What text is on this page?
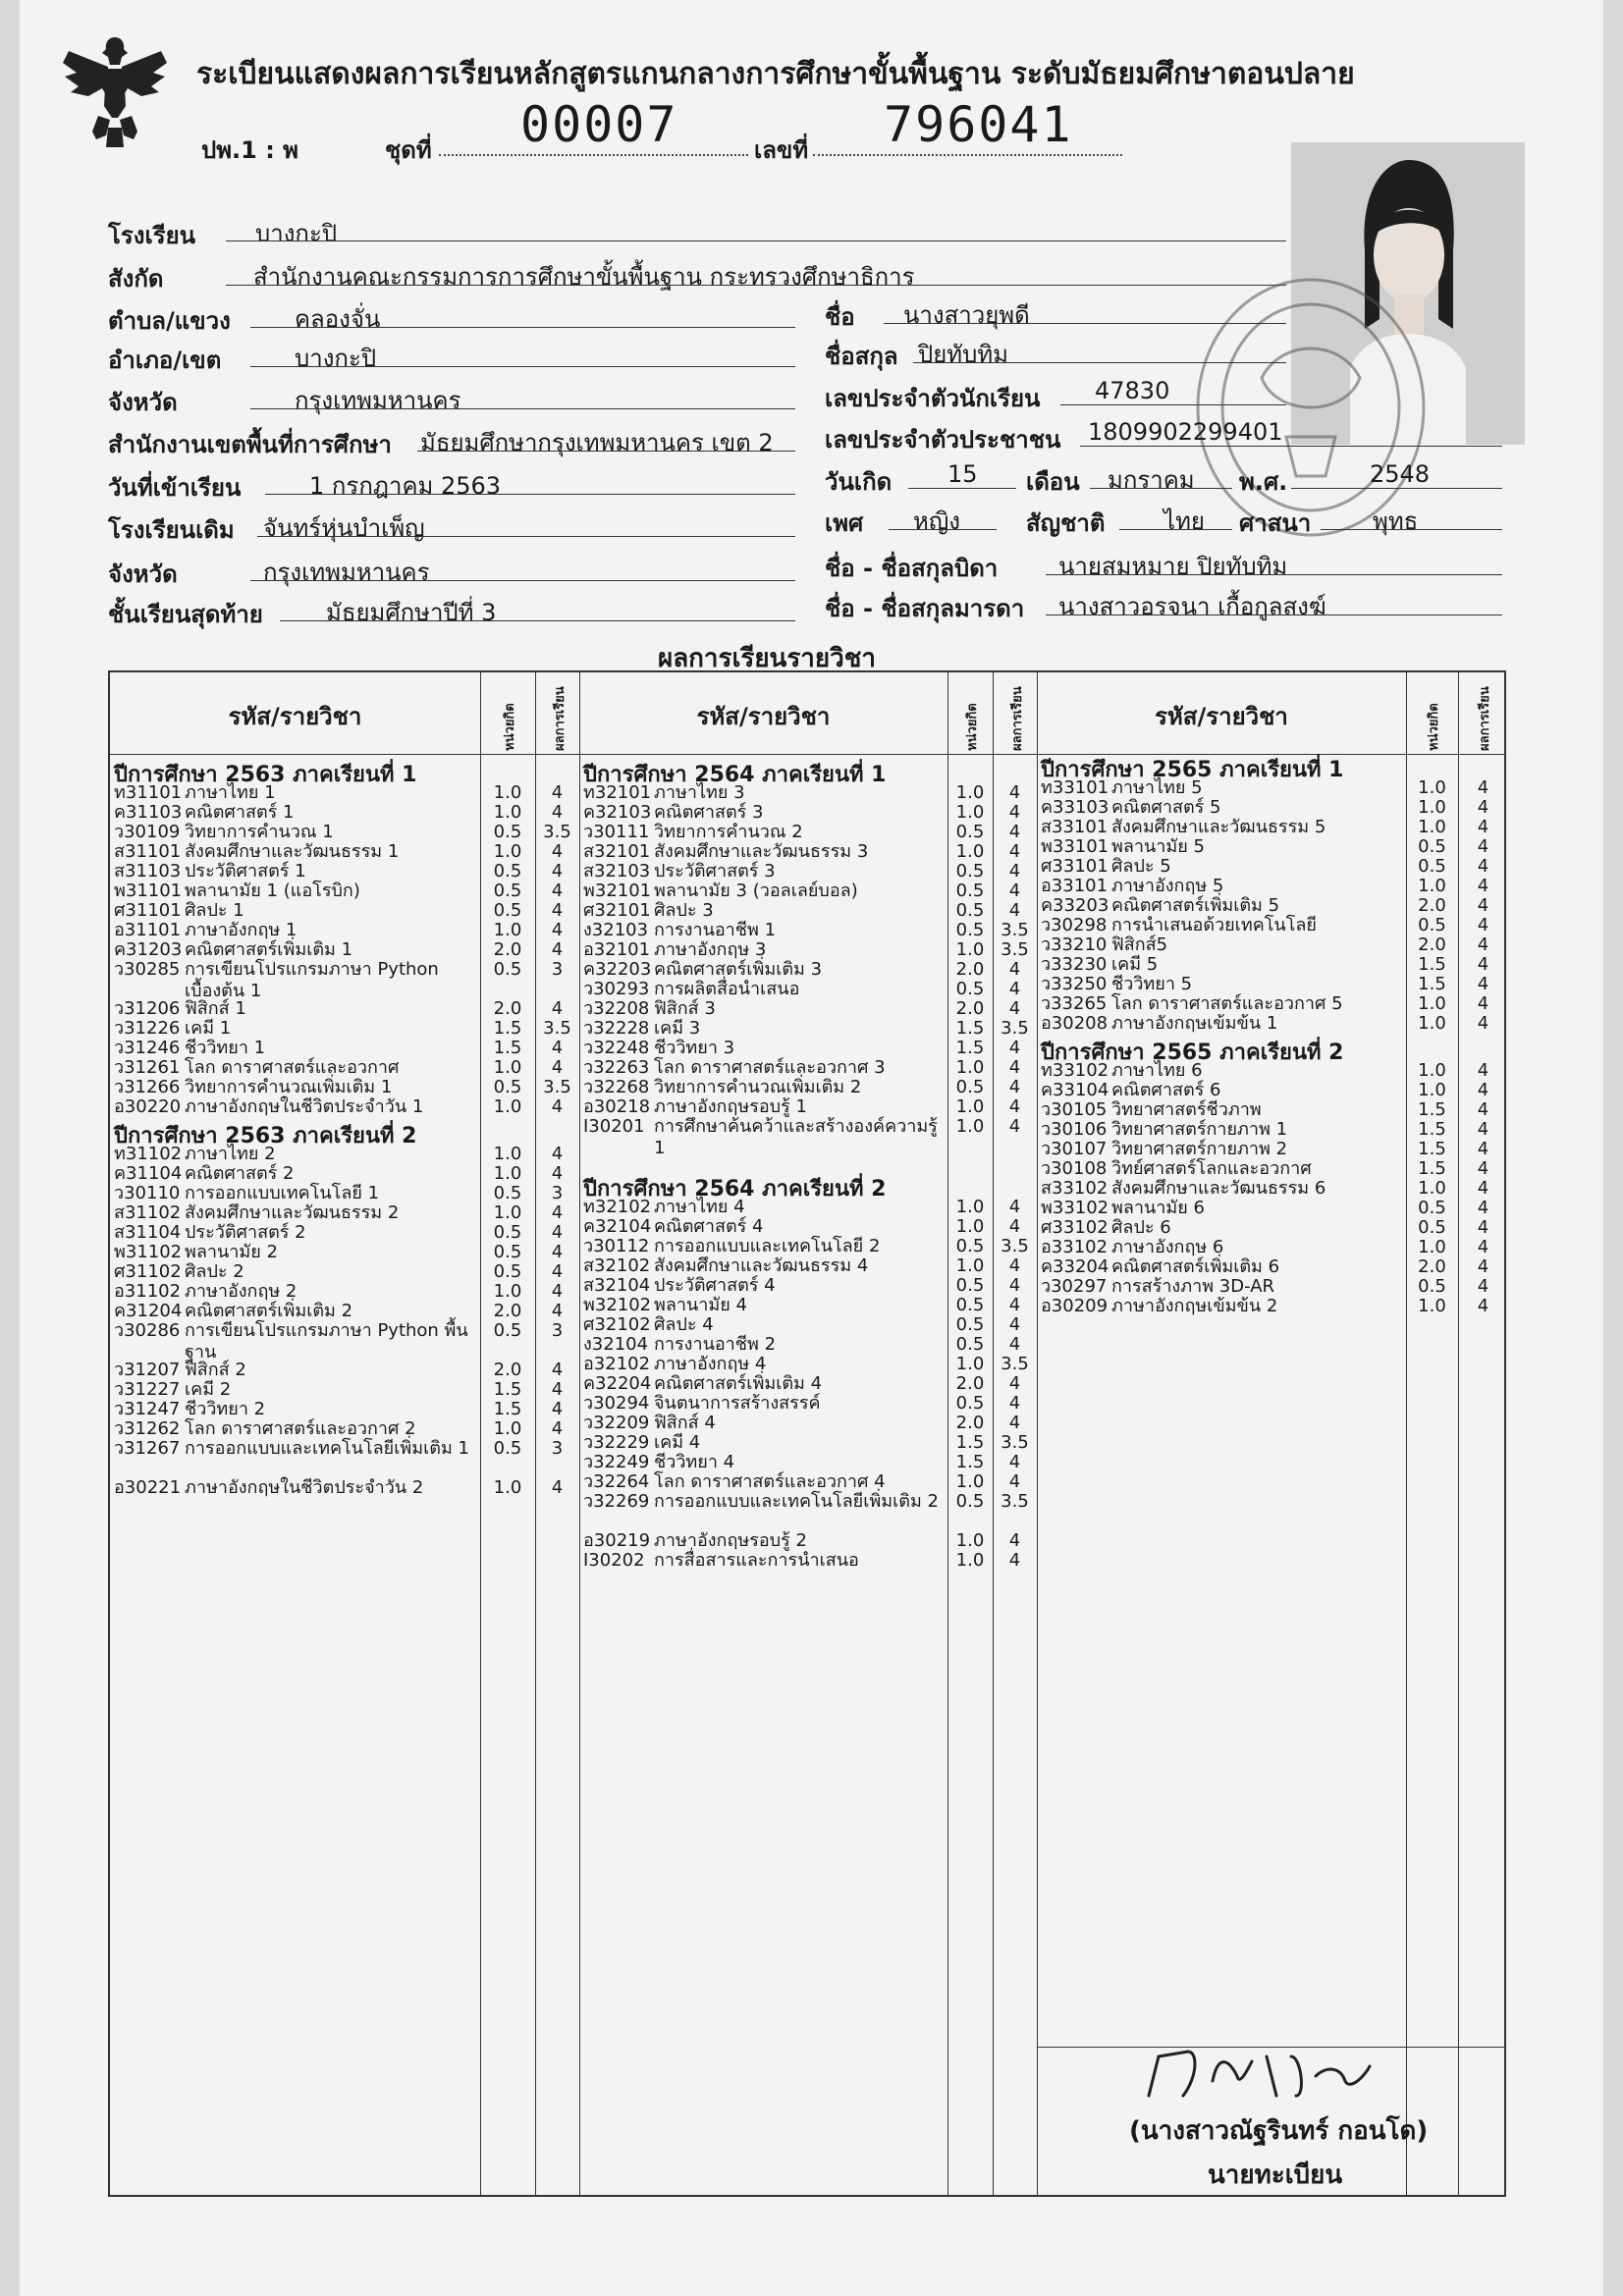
ระเบียนแสดงผลการเรียนหลักสูตรแกนกลางการศึกษาขั้นพื้นฐาน ระดับมัธยมศึกษาตอนปลาย
ปพ.1 : พ	ชุดที่ 00007	เลขที่ 796041
โรงเรียน	บางกะปิ
สังกัด	สำนักงานคณะกรรมการการศึกษาขั้นพื้นฐาน กระทรวงศึกษาธิการ
ตำบล/แขวง	คลองจั่น
อำเภอ/เขต	บางกะปิ
จังหวัด	กรุงเทพมหานคร
สำนักงานเขตพื้นที่การศึกษา มัธยมศึกษากรุงเทพมหานคร เขต 2
วันที่เข้าเรียน	1 กรกฎาคม 2563
โรงเรียนเดิม จันทร์หุ่นบำเพ็ญ
จังหวัด	กรุงเทพมหานคร
ชั้นเรียนสุดท้าย	มัธยมศึกษาปีที่ 3
ชื่อ นางสาวยุพดี
ชื่อสกุล ปิยทับทิม
เลขประจำตัวนักเรียน 47830
เลขประจำตัวประชาชน 1809902299401
วันเกิด 15 เดือน มกราคม พ.ศ.	2548
เพศ หญิง	สัญชาติ ไทย ศาสนา	พุทธ
ชื่อ - ชื่อสกุลบิดา	นายสมหมาย ปิยทับทิม
ชื่อ - ชื่อสกุลมารดา นางสาวอรจนา เกื้อกูลสงฆ์
ผลการเรียนรายวิชา
รหัส/รายวิชา	หน่วยกิต	ผลการเรียน	รหัส/รายวิชา	หน่วยกิต ผลการเรียน	รหัส/รายวิชา	หน่วยกิต	ผลการเรียน
ปีการศึกษา 2563 ภาคเรียนที่ 1
ท31101 ภาษาไทย 1	1.0	4
ค31103 คณิตศาสตร์ 1	1.0	4
ว30109 วิทยาการคำนวณ 1	0.5	3.5
ส31101 สังคมศึกษาและวัฒนธรรม 1	1.0	4
ส31103 ประวัติศาสตร์ 1	0.5	4
พ31101 พลานามัย 1 (แอโรบิก)	0.5	4
ศ31101 ศิลปะ 1	0.5	4
อ31101 ภาษาอังกฤษ 1	1.0	4
ค31203 คณิตศาสตร์เพิ่มเติม 1	2.0	4
ว30285 การเขียนโปรแกรมภาษา Python เบื้องต้น 1
0.5	3
ว31206 ฟิสิกส์ 1	2.0	4
ว31226 เคมี 1	1.5	3.5
ว31246 ชีววิทยา 1	1.5	4
ว31261 โลก ดาราศาสตร์และอวกาศ	1.0	4
ว31266 วิทยาการคำนวณเพิ่มเติม 1	0.5	3.5
อ30220 ภาษาอังกฤษในชีวิตประจำวัน 1	1.0	4
ปีการศึกษา 2563 ภาคเรียนที่ 2
ท31102 ภาษาไทย 2	1.0	4
ค31104 คณิตศาสตร์ 2	1.0	4
ว30110 การออกแบบเทคโนโลยี 1	0.5	3
ส31102 สังคมศึกษาและวัฒนธรรม 2	1.0	4
ส31104 ประวัติศาสตร์ 2	0.5	4
พ31102 พลานามัย 2	0.5	4
ศ31102 ศิลปะ 2	0.5	4
อ31102 ภาษาอังกฤษ 2	1.0	4
ค31204 คณิตศาสตร์เพิ่มเติม 2	2.0	4
ว30286 การเขียนโปรแกรมภาษา Python พื้นฐาน
0.5	3
ว31207 ฟิสิกส์ 2	2.0	4
ว31227 เคมี 2	1.5	4
ว31247 ชีววิทยา 2	1.5	4
ว31262 โลก ดาราศาสตร์และอวกาศ 2	1.0	4
ว31267 การออกแบบและเทคโนโลยีเพิ่มเติม 1	0.5	3
อ30221 ภาษาอังกฤษในชีวิตประจำวัน 2	1.0	4
ปีการศึกษา 2564 ภาคเรียนที่ 1
ท32101 ภาษาไทย 3	1.0	4
ค32103 คณิตศาสตร์ 3	1.0	4
ว30111 วิทยาการคำนวณ 2	0.5	4
ส32101 สังคมศึกษาและวัฒนธรรม 3	1.0	4
ส32103 ประวัติศาสตร์ 3	0.5	4
พ32101 พลานามัย 3 (วอลเลย์บอล)	0.5	4
ศ32101 ศิลปะ 3	0.5	4
ง32103 การงานอาชีพ 1	0.5 3.5
อ32101 ภาษาอังกฤษ 3	1.0 3.5
ค32203 คณิตศาสตร์เพิ่มเติม 3	2.0	4
ว30293 การผลิตสื่อนำเสนอ	0.5	4
ว32208 ฟิสิกส์ 3	2.0	4
ว32228 เคมี 3	1.5 3.5
ว32248 ชีววิทยา 3	1.5	4
ว32263 โลก ดาราศาสตร์และอวกาศ 3	1.0	4
ว32268 วิทยาการคำนวณเพิ่มเติม 2	0.5	4
อ30218 ภาษาอังกฤษรอบรู้ 1	1.0	4
I30201 การศึกษาค้นคว้าและสร้างองค์ความรู้ 1
1.0	4
ปีการศึกษา 2564 ภาคเรียนที่ 2
ท32102 ภาษาไทย 4	1.0	4
ค32104 คณิตศาสตร์ 4	1.0	4
ว30112 การออกแบบและเทคโนโลยี 2	0.5 3.5
ส32102 สังคมศึกษาและวัฒนธรรม 4	1.0	4
ส32104 ประวัติศาสตร์ 4	0.5	4
พ32102 พลานามัย 4	0.5	4
ศ32102 ศิลปะ 4	0.5	4
ง32104 การงานอาชีพ 2	0.5	4
อ32102 ภาษาอังกฤษ 4	1.0 3.5
ค32204 คณิตศาสตร์เพิ่มเติม 4	2.0	4
ว30294 จินตนาการสร้างสรรค์	0.5	4
ว32209 ฟิสิกส์ 4	2.0	4
ว32229 เคมี 4	1.5 3.5
ว32249 ชีววิทยา 4	1.5	4
ว32264 โลก ดาราศาสตร์และอวกาศ 4	1.0	4
ว32269 การออกแบบและเทคโนโลยีเพิ่มเติม 2 0.5 3.5
อ30219 ภาษาอังกฤษรอบรู้ 2	1.0	4
I30202 การสื่อสารและการนำเสนอ	1.0	4
ปีการศึกษา 2565 ภาคเรียนที่ 1
ท33101 ภาษาไทย 5	1.0	4
ค33103 คณิตศาสตร์ 5	1.0	4
ส33101 สังคมศึกษาและวัฒนธรรม 5	1.0	4
พ33101 พลานามัย 5	0.5	4
ศ33101 ศิลปะ 5	0.5	4
อ33101 ภาษาอังกฤษ 5	1.0	4
ค33203 คณิตศาสตร์เพิ่มเติม 5	2.0	4
ว30298 การนำเสนอด้วยเทคโนโลยี	0.5	4
ว33210 ฟิสิกส์5	2.0	4
ว33230 เคมี 5	1.5	4
ว33250 ชีววิทยา 5	1.5	4
ว33265 โลก ดาราศาสตร์และอวกาศ 5	1.0	4
อ30208 ภาษาอังกฤษเข้มข้น 1	1.0	4
ปีการศึกษา 2565 ภาคเรียนที่ 2
ท33102 ภาษาไทย 6	1.0	4
ค33104 คณิตศาสตร์ 6	1.0	4
ว30105 วิทยาศาสตร์ชีวภาพ	1.5	4
ว30106 วิทยาศาสตร์กายภาพ 1	1.5	4
ว30107 วิทยาศาสตร์กายภาพ 2	1.5	4
ว30108 วิทย์ศาสตร์โลกและอวกาศ	1.5	4
ส33102 สังคมศึกษาและวัฒนธรรม 6	1.0	4
พ33102 พลานามัย 6	0.5	4
ศ33102 ศิลปะ 6	0.5	4
อ33102 ภาษาอังกฤษ 6	1.0	4
ค33204 คณิตศาสตร์เพิ่มเติม 6	2.0	4
ว30297 การสร้างภาพ 3D-AR	0.5	4
อ30209 ภาษาอังกฤษเข้มข้น 2	1.0	4
(นางสาวณัฐรินทร์ กอนโด)
นายทะเบียน
